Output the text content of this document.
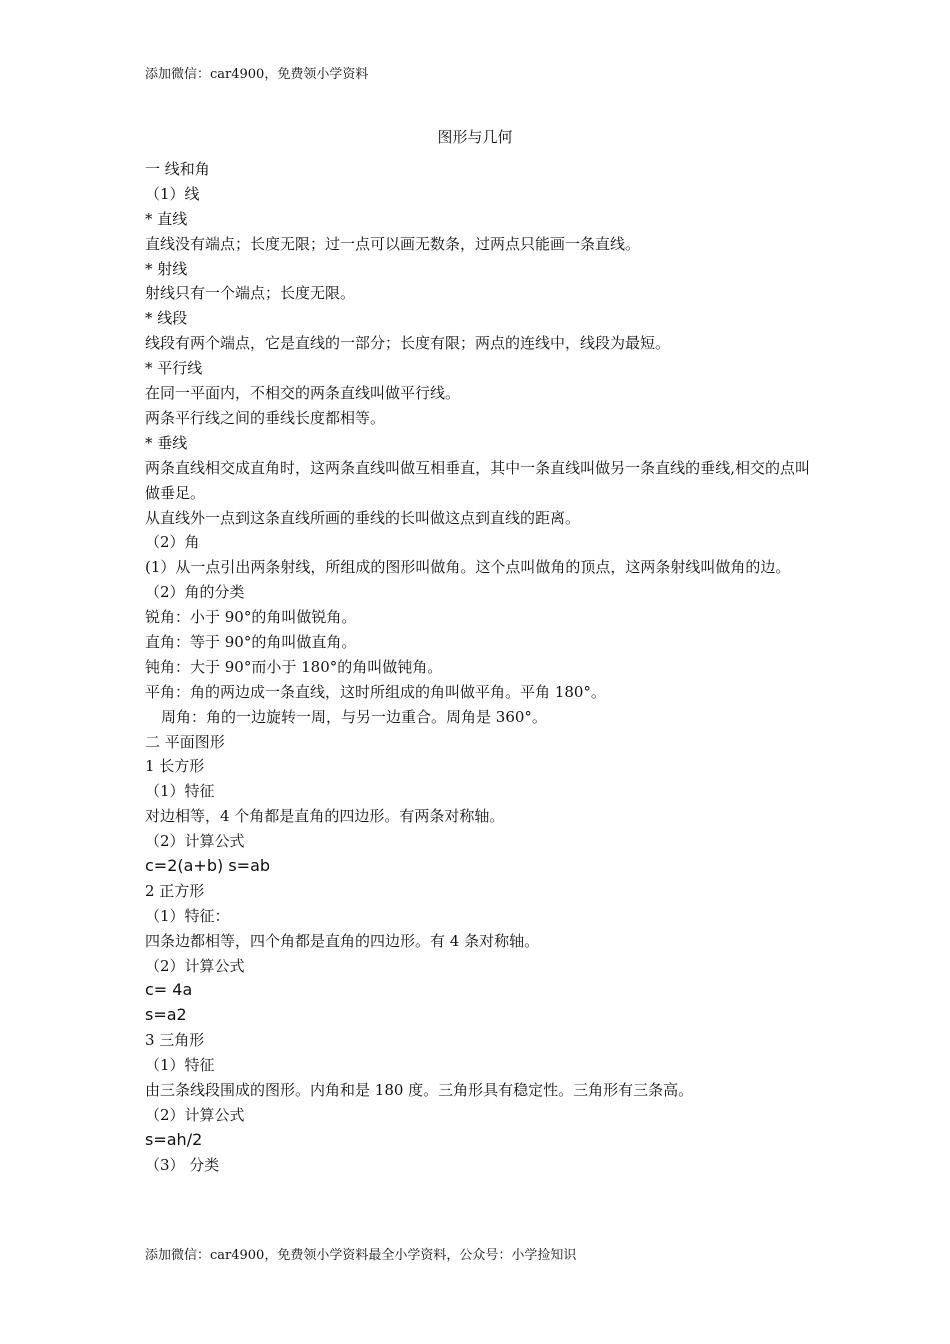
添加微信：car4900，免费领小学资料
图形与几何
一 线和角
（1）线
* 直线
直线没有端点；长度无限；过一点可以画无数条，过两点只能画一条直线。
* 射线
射线只有一个端点；长度无限。
* 线段
线段有两个端点，它是直线的一部分；长度有限；两点的连线中，线段为最短。
* 平行线
在同一平面内，不相交的两条直线叫做平行线。
两条平行线之间的垂线长度都相等。
* 垂线
两条直线相交成直角时，这两条直线叫做互相垂直，其中一条直线叫做另一条直线的垂线,相交的点叫做垂足。
从直线外一点到这条直线所画的垂线的长叫做这点到直线的距离。
（2）角
(1）从一点引出两条射线，所组成的图形叫做角。这个点叫做角的顶点，这两条射线叫做角的边。
（2）角的分类
锐角：小于 90°的角叫做锐角。
直角：等于 90°的角叫做直角。
钝角：大于 90°而小于 180°的角叫做钝角。
平角：角的两边成一条直线，这时所组成的角叫做平角。平角 180°。
周角：角的一边旋转一周，与另一边重合。周角是 360°。
二 平面图形
1 长方形
（1）特征
对边相等，4 个角都是直角的四边形。有两条对称轴。
（2）计算公式
c=2(a+b) s=ab
2 正方形
（1）特征：
四条边都相等，四个角都是直角的四边形。有 4 条对称轴。
（2）计算公式
c= 4a
s=a2
3 三角形
（1）特征
由三条线段围成的图形。内角和是 180 度。三角形具有稳定性。三角形有三条高。
（2）计算公式
s=ah/2
（3） 分类
添加微信：car4900，免费领小学资料最全小学资料，公众号：小学捡知识
